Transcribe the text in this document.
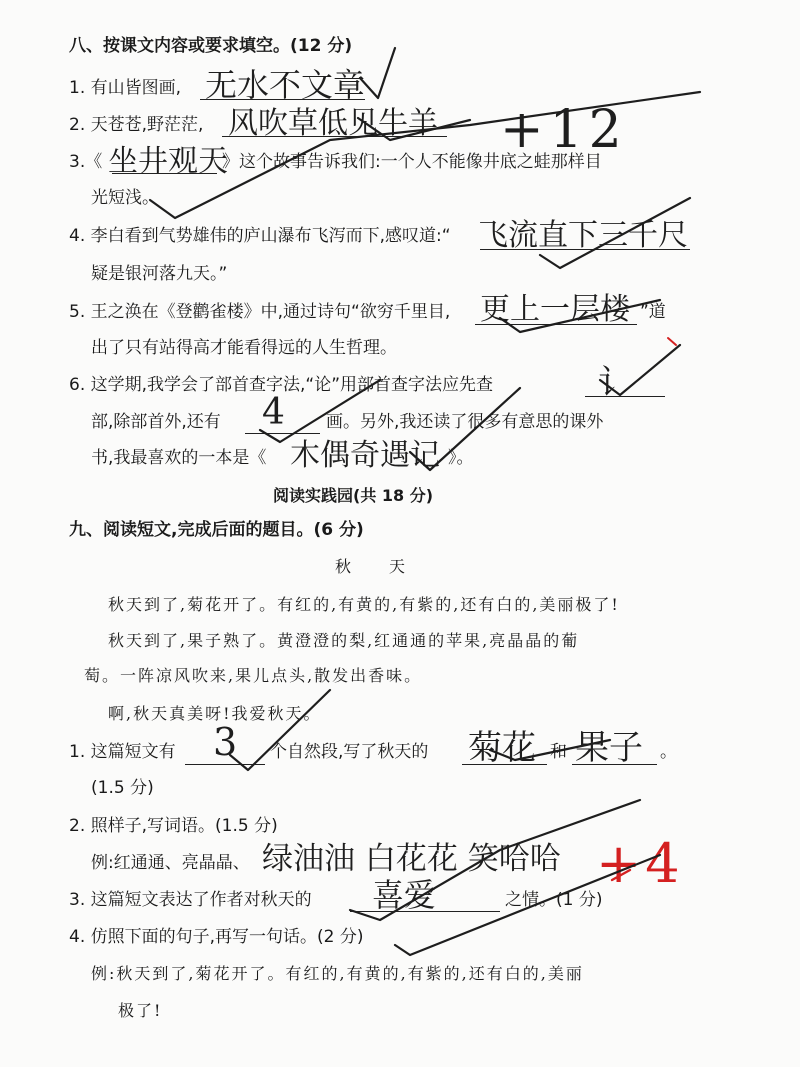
八、按课文内容或要求填空。(12 分)
1. 有山皆图画, 无水不文章
2. 天苍苍,野茫茫, 风吹草低见牛羊
3.《 坐井观天
》这个故事告诉我们:一个人不能像井底之蛙那样目
光短浅。
4. 李白看到气势雄伟的庐山瀑布飞泻而下,感叹道:“ 飞流直下三千尺
疑是银河落九天。”
5. 王之涣在《登鹳雀楼》中,通过诗句“欲穷千里目, 更上一层楼 ”道
出了只有站得高才能看得远的人生哲理。
6. 这学期,我学会了部首查字法,“论”用部首查字法应先查	讠
部,除部首外,还有 4 画。另外,我还读了很多有意思的课外
书,我最喜欢的一本是《 木偶奇遇记 》。
+12
阅读实践园(共 18 分)
九、阅读短文,完成后面的题目。(6 分)
秋　　天
秋天到了,菊花开了。有红的,有黄的,有紫的,还有白的,美丽极了!
秋天到了,果子熟了。黄澄澄的梨,红通通的苹果,亮晶晶的葡
萄。一阵凉风吹来,果儿点头,散发出香味。
啊,秋天真美呀!我爱秋天。
1. 这篇短文有 3 个自然段,写了秋天的 菊花 和 果子 。
(1.5 分)
2. 照样子,写词语。(1.5 分)
例:红通通、亮晶晶、 绿油油 白花花 笑哈哈
3. 这篇短文表达了作者对秋天的 喜爱	之情。(1 分)
4. 仿照下面的句子,再写一句话。(2 分)
例:秋天到了,菊花开了。有红的,有黄的,有紫的,还有白的,美丽
极了!
+4
